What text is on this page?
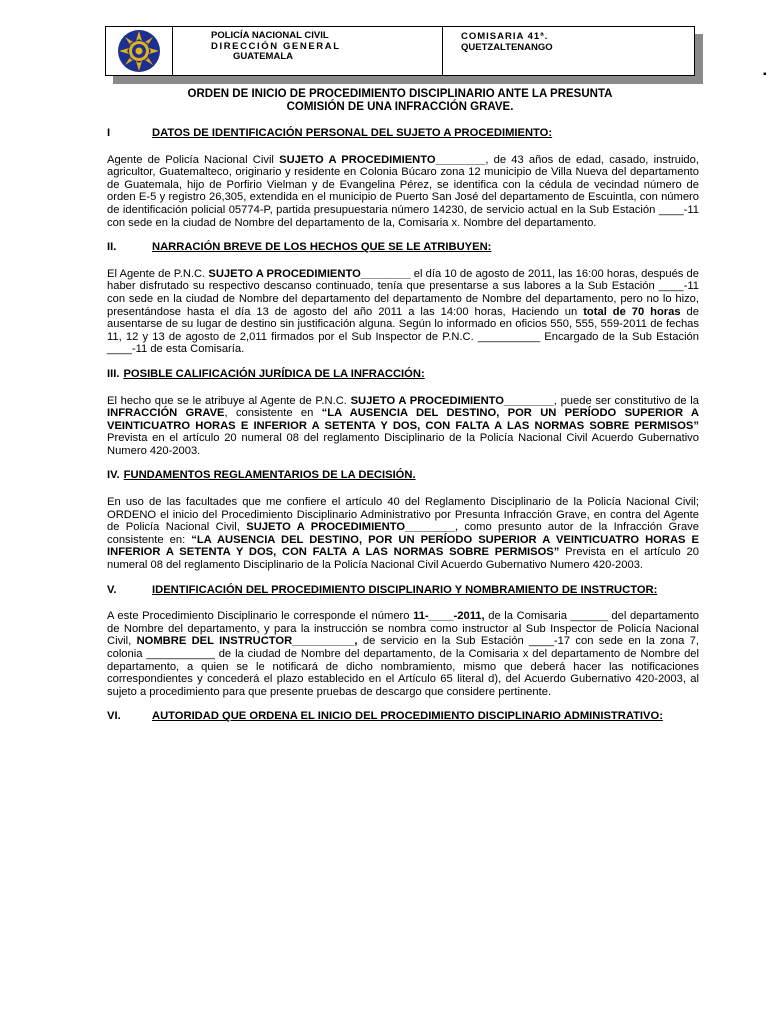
POLICÍA NACIONAL CIVIL
DIRECCIÓN GENERAL
GUATEMALA
COMISARIA 41ª.
QUETZALTENANGO
▪
ORDEN DE INICIO DE PROCEDIMIENTO DISCIPLINARIO ANTE LA PRESUNTA
COMISIÓN DE UNA INFRACCIÓN GRAVE.
I	DATOS DE IDENTIFICACIÓN PERSONAL DEL SUJETO A PROCEDIMIENTO:

Agente de Policía Nacional Civil SUJETO A PROCEDIMIENTO________, de 43 años de edad, casado, instruido, agricultor, Guatemalteco, originario y residente en Colonia Búcaro zona 12 municipio de Villa Nueva del departamento de Guatemala, hijo de Porfirio Vielman y de Evangelina Pérez, se identifica con la cédula de vecindad número de orden E-5 y registro 26,305, extendida en el municipio de Puerto San José del departamento de Escuintla, con número de identificación policial 05774-P, partida presupuestaria número 14230, de servicio actual en la Sub Estación ____-11 con sede en la ciudad de Nombre del departamento de la, Comisaria x. Nombre del departamento.

II.	NARRACIÓN BREVE DE LOS HECHOS QUE SE LE ATRIBUYEN:

El Agente de P.N.C. SUJETO A PROCEDIMIENTO________ el día 10 de agosto de 2011, las 16:00 horas, después de haber disfrutado su respectivo descanso continuado, tenía que presentarse a sus labores a la Sub Estación ____-11 con sede en la ciudad de Nombre del departamento del departamento de Nombre del departamento, pero no lo hizo, presentándose hasta el día 13 de agosto del año 2011 a las 14:00 horas, Haciendo un total de 70 horas de ausentarse de su lugar de destino sin justificación alguna. Según lo informado en oficios 550, 555, 559-2011 de fechas 11, 12 y 13 de agosto de 2,011 firmados por el Sub Inspector de P.N.C. __________ Encargado de la Sub Estación ____-11 de esta Comisaría.

III. POSIBLE CALIFICACIÓN JURÍDICA DE LA INFRACCIÓN:

El hecho que se le atribuye al Agente de P.N.C. SUJETO A PROCEDIMIENTO________, puede ser constitutivo de la INFRACCIÓN GRAVE, consistente en “LA AUSENCIA DEL DESTINO, POR UN PERÍODO SUPERIOR A VEINTICUATRO HORAS E INFERIOR A SETENTA Y DOS, CON FALTA A LAS NORMAS SOBRE PERMISOS” Prevista en el artículo 20 numeral 08 del reglamento Disciplinario de la Policía Nacional Civil Acuerdo Gubernativo Numero 420-2003.

IV. FUNDAMENTOS REGLAMENTARIOS DE LA DECISIÓN.

En uso de las facultades que me confiere el artículo 40 del Reglamento Disciplinario de la Policía Nacional Civil; ORDENO el inicio del Procedimiento Disciplinario Administrativo por Presunta Infracción Grave, en contra del Agente de Policía Nacional Civil, SUJETO A PROCEDIMIENTO________, como presunto autor de la Infracción Grave consistente en: “LA AUSENCIA DEL DESTINO, POR UN PERÍODO SUPERIOR A VEINTICUATRO HORAS E INFERIOR A SETENTA Y DOS, CON FALTA A LAS NORMAS SOBRE PERMISOS” Prevista en el artículo 20 numeral 08 del reglamento Disciplinario de la Policía Nacional Civil Acuerdo Gubernativo Numero 420-2003.

V.	IDENTIFICACIÓN DEL PROCEDIMIENTO DISCIPLINARIO Y NOMBRAMIENTO DE INSTRUCTOR:

A este Procedimiento Disciplinario le corresponde el número 11-____-2011, de la Comisaria ______ del departamento de Nombre del departamento, y para la instrucción se nombra como instructor al Sub Inspector de Policía Nacional Civil, NOMBRE DEL INSTRUCTOR__________, de servicio en la Sub Estación ____-17 con sede en la zona 7, colonia ___________ de la ciudad de Nombre del departamento, de la Comisaria x del departamento de Nombre del departamento, a quien se le notificará de dicho nombramiento, mismo que deberá hacer las notificaciones correspondientes y concederá el plazo establecido en el Artículo 65 literal d), del Acuerdo Gubernativo 420-2003, al sujeto a procedimiento para que presente pruebas de descargo que considere pertinente.

VI.	AUTORIDAD QUE ORDENA EL INICIO DEL PROCEDIMIENTO DISCIPLINARIO ADMINISTRATIVO:
